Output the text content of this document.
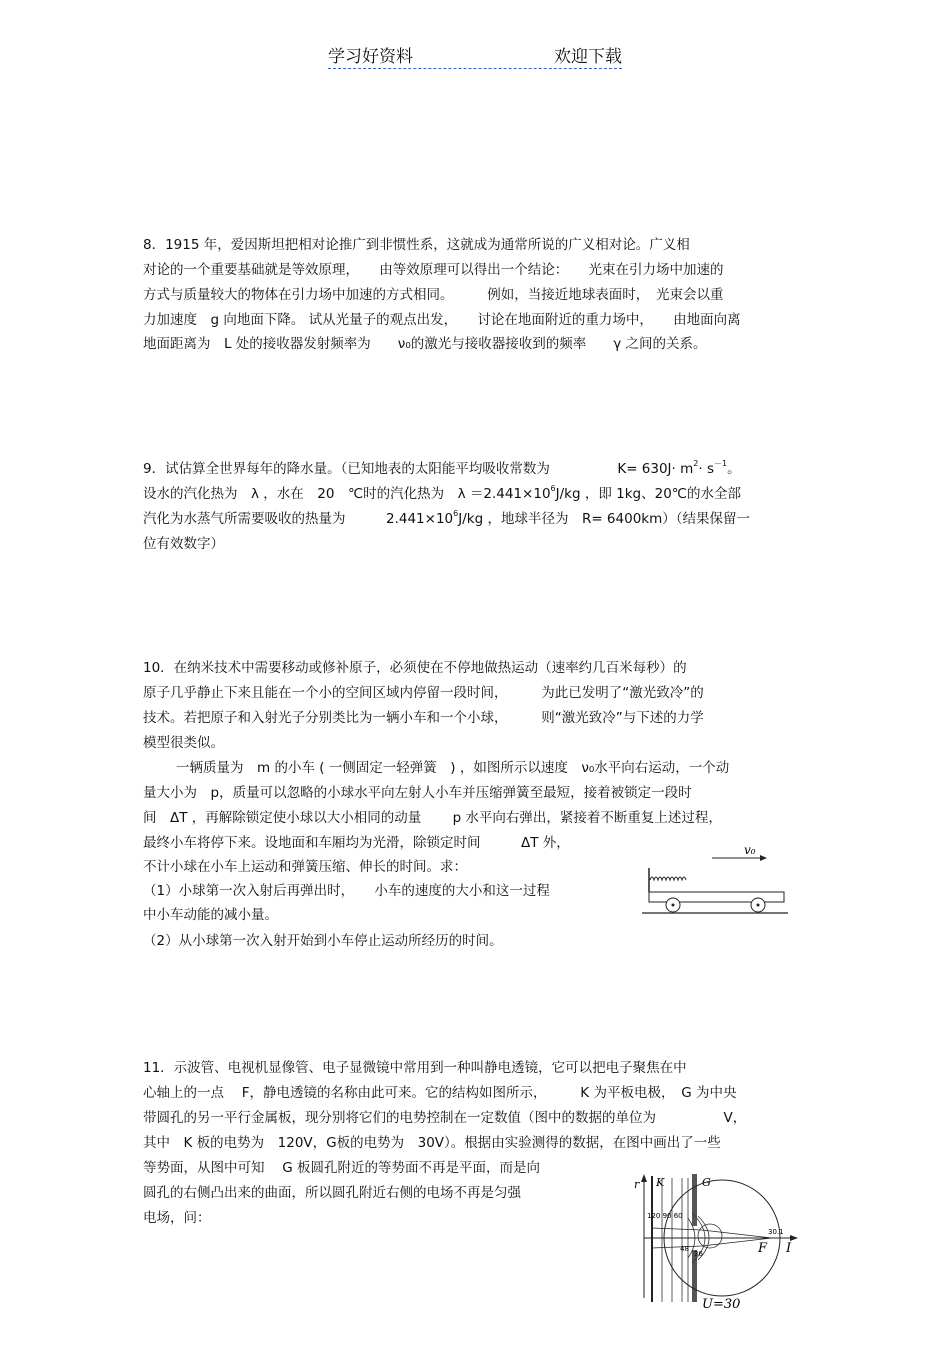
学习好资料	欢迎下载
8．1915 年，爱因斯坦把相对论推广到非惯性系，这就成为通常所说的广义相对论。广义相
对论的一个重要基础就是等效原理，　　由等效原理可以得出一个结论：　　光束在引力场中加速的
方式与质量较大的物体在引力场中加速的方式相同。　　　例如，当接近地球表面时，　光束会以重
力加速度　g 向地面下降。 试从光量子的观点出发，　　讨论在地面附近的重力场中，　　由地面向离
地面距离为　L 处的接收器发射频率为　　ν₀的激光与接收器接收到的频率　　γ 之间的关系。
9．试估算全世界每年的降水量。（已知地表的太阳能平均吸收常数为　　　　　$K= 630J\cdot m^2\cdot s^{-1}$。
设水的汽化热为　λ ，水在　20　℃时的汽化热为　$\lambda =2.441\times 10^6J/kg$ ，即 1kg、20℃的水全部
汽化为水蒸气所需要吸收的热量为　　　$2.441\times 10^6J/kg$ ，地球半径为　R= 6400km）（结果保留一
位有效数字）
10．在纳米技术中需要移动或修补原子，必须使在不停地做热运动（速率约几百米每秒）的
原子几乎静止下来且能在一个小的空间区域内停留一段时间，　　　为此已发明了“激光致冷”的
技术。若把原子和入射光子分别类比为一辆小车和一个小球，　　　则“激光致冷”与下述的力学
模型很类似。
一辆质量为　m 的小车 ( 一侧固定一轻弹簧　) ，如图所示以速度　ν₀水平向右运动，一个动
量大小为　p，质量可以忽略的小球水平向左射人小车并压缩弹簧至最短，接着被锁定一段时
间　ΔT ，再解除锁定使小球以大小相同的动量　　 p 水平向右弹出，紧接着不断重复上述过程，
最终小车将停下来。设地面和车厢均为光滑，除锁定时间　　　ΔT 外，
不计小球在小车上运动和弹簧压缩、伸长的时间。求：
（1）小球第一次入射后再弹出时，　　小车的速度的大小和这一过程
中小车动能的减小量。
（2）从小球第一次入射开始到小车停止运动所经历的时间。
v₀
11．示波管、电视机显像管、电子显微镜中常用到一种叫静电透镜，它可以把电子聚焦在中
心轴上的一点　 F，静电透镜的名称由此可来。它的结构如图所示，　　　K 为平板电极，　G 为中央
带圆孔的另一平行金属板，现分别将它们的电势控制在一定数值（图中的数据的单位为　　　　　V，
其中　K 板的电势为　120V，G板的电势为　30V）。根据由实验测得的数据，在图中画出了一些
等势面，从图中可知　 G 板圆孔附近的等势面不再是平面，而是向
圆孔的右侧凸出来的曲面，所以圆孔附近右侧的电场不再是匀强
电场，问：
r K	G
120 90 60
30.1
48
36	F I
U=30
